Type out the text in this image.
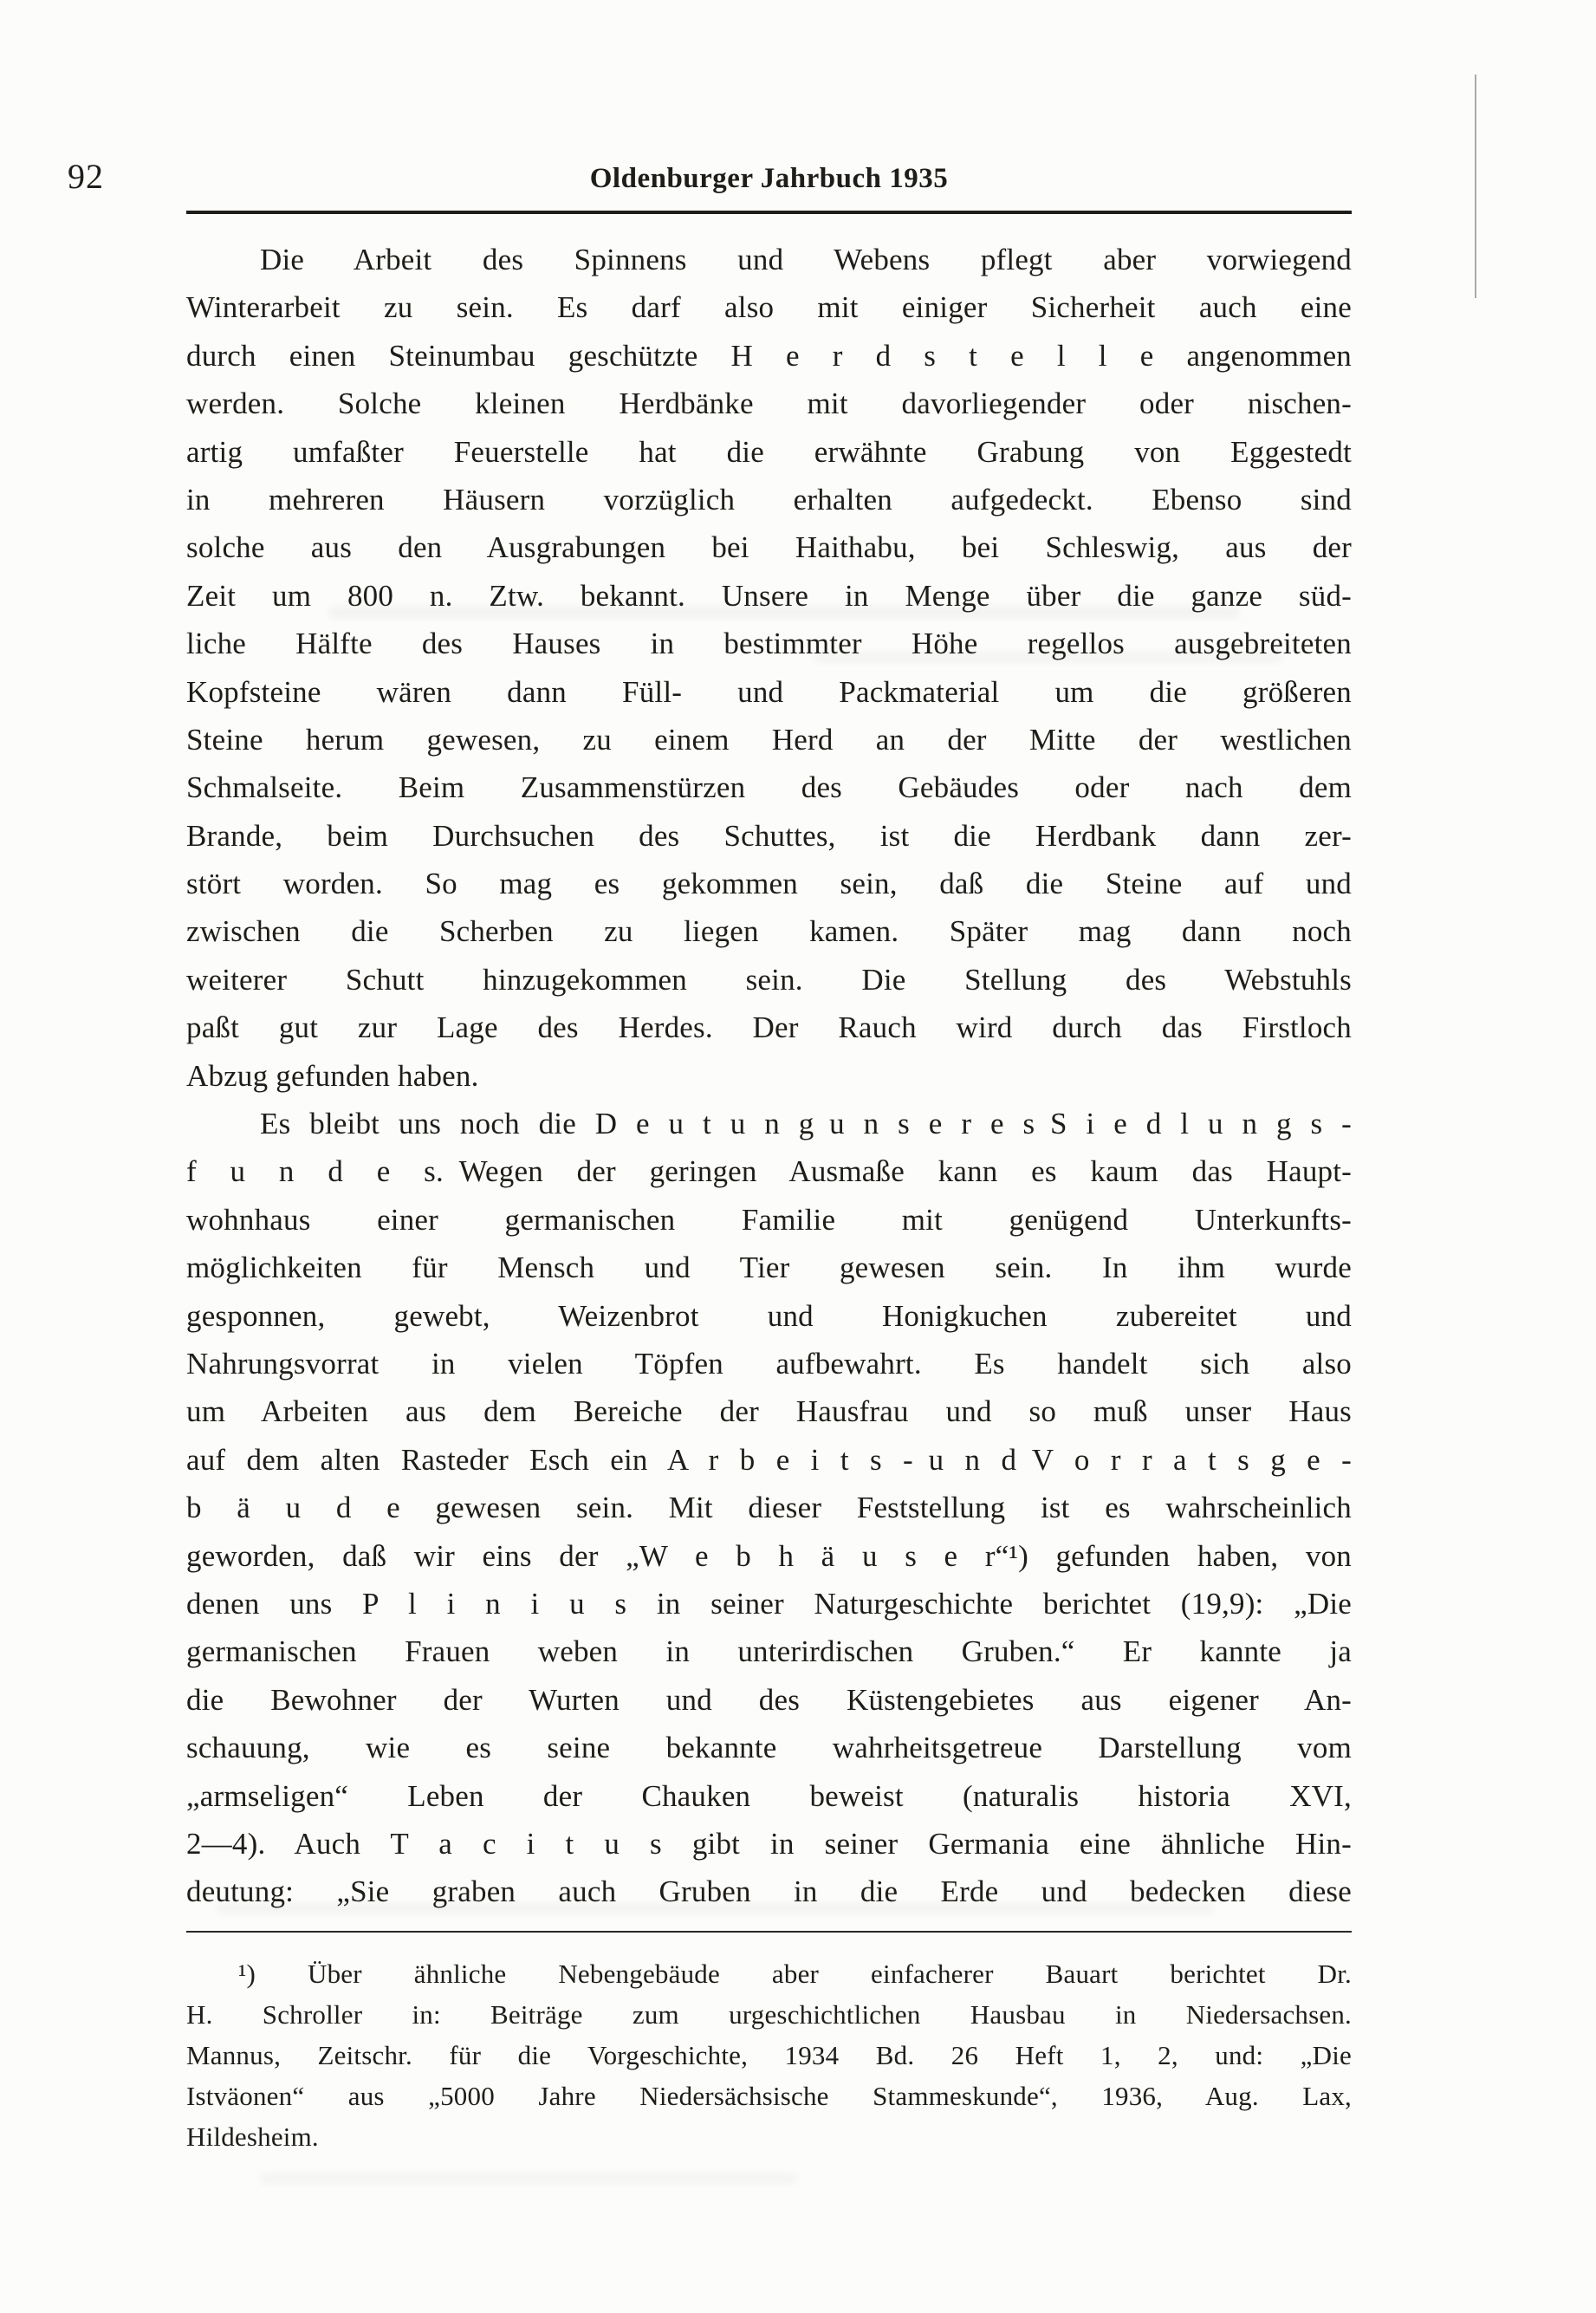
92	Oldenburger Jahrbuch 1935
Die Arbeit des Spinnens und Webens pflegt aber vorwiegend
Winterarbeit zu sein. Es darf also mit einiger Sicherheit auch eine
durch einen Steinumbau geschützte H e r d s t e l l e angenommen
werden. Solche kleinen Herdbänke mit davorliegender oder nischen-
artig umfaßter Feuerstelle hat die erwähnte Grabung von Eggestedt
in mehreren Häusern vorzüglich erhalten aufgedeckt. Ebenso sind
solche aus den Ausgrabungen bei Haithabu, bei Schleswig, aus der
Zeit um 800 n. Ztw. bekannt. Unsere in Menge über die ganze süd-
liche Hälfte des Hauses in bestimmter Höhe regellos ausgebreiteten
Kopfsteine wären dann Füll- und Packmaterial um die größeren
Steine herum gewesen, zu einem Herd an der Mitte der westlichen
Schmalseite. Beim Zusammenstürzen des Gebäudes oder nach dem
Brande, beim Durchsuchen des Schuttes, ist die Herdbank dann zer-
stört worden. So mag es gekommen sein, daß die Steine auf und
zwischen die Scherben zu liegen kamen. Später mag dann noch
weiterer Schutt hinzugekommen sein. Die Stellung des Webstuhls
paßt gut zur Lage des Herdes. Der Rauch wird durch das Firstloch
Abzug gefunden haben.
Es bleibt uns noch die D e u t u n g u n s e r e s S i e d l u n g s -
f u n d e s. Wegen der geringen Ausmaße kann es kaum das Haupt-
wohnhaus einer germanischen Familie mit genügend Unterkunfts-
möglichkeiten für Mensch und Tier gewesen sein. In ihm wurde
gesponnen, gewebt, Weizenbrot und Honigkuchen zubereitet und
Nahrungsvorrat in vielen Töpfen aufbewahrt. Es handelt sich also
um Arbeiten aus dem Bereiche der Hausfrau und so muß unser Haus
auf dem alten Rasteder Esch ein A r b e i t s - u n d V o r r a t s g e -
b ä u d e gewesen sein. Mit dieser Feststellung ist es wahrscheinlich
geworden, daß wir eins der „W e b h ä u s e r“¹) gefunden haben, von
denen uns P l i n i u s in seiner Naturgeschichte berichtet (19,9): „Die
germanischen Frauen weben in unterirdischen Gruben.“ Er kannte ja
die Bewohner der Wurten und des Küstengebietes aus eigener An-
schauung, wie es seine bekannte wahrheitsgetreue Darstellung vom
„armseligen“ Leben der Chauken beweist (naturalis historia XVI,
2—4). Auch T a c i t u s gibt in seiner Germania eine ähnliche Hin-
deutung: „Sie graben auch Gruben in die Erde und bedecken diese
¹) Über ähnliche Nebengebäude aber einfacherer Bauart berichtet Dr.
H. Schroller in: Beiträge zum urgeschichtlichen Hausbau in Niedersachsen.
Mannus, Zeitschr. für die Vorgeschichte, 1934 Bd. 26 Heft 1, 2, und: „Die
Istväonen“ aus „5000 Jahre Niedersächsische Stammeskunde“, 1936, Aug. Lax,
Hildesheim.
